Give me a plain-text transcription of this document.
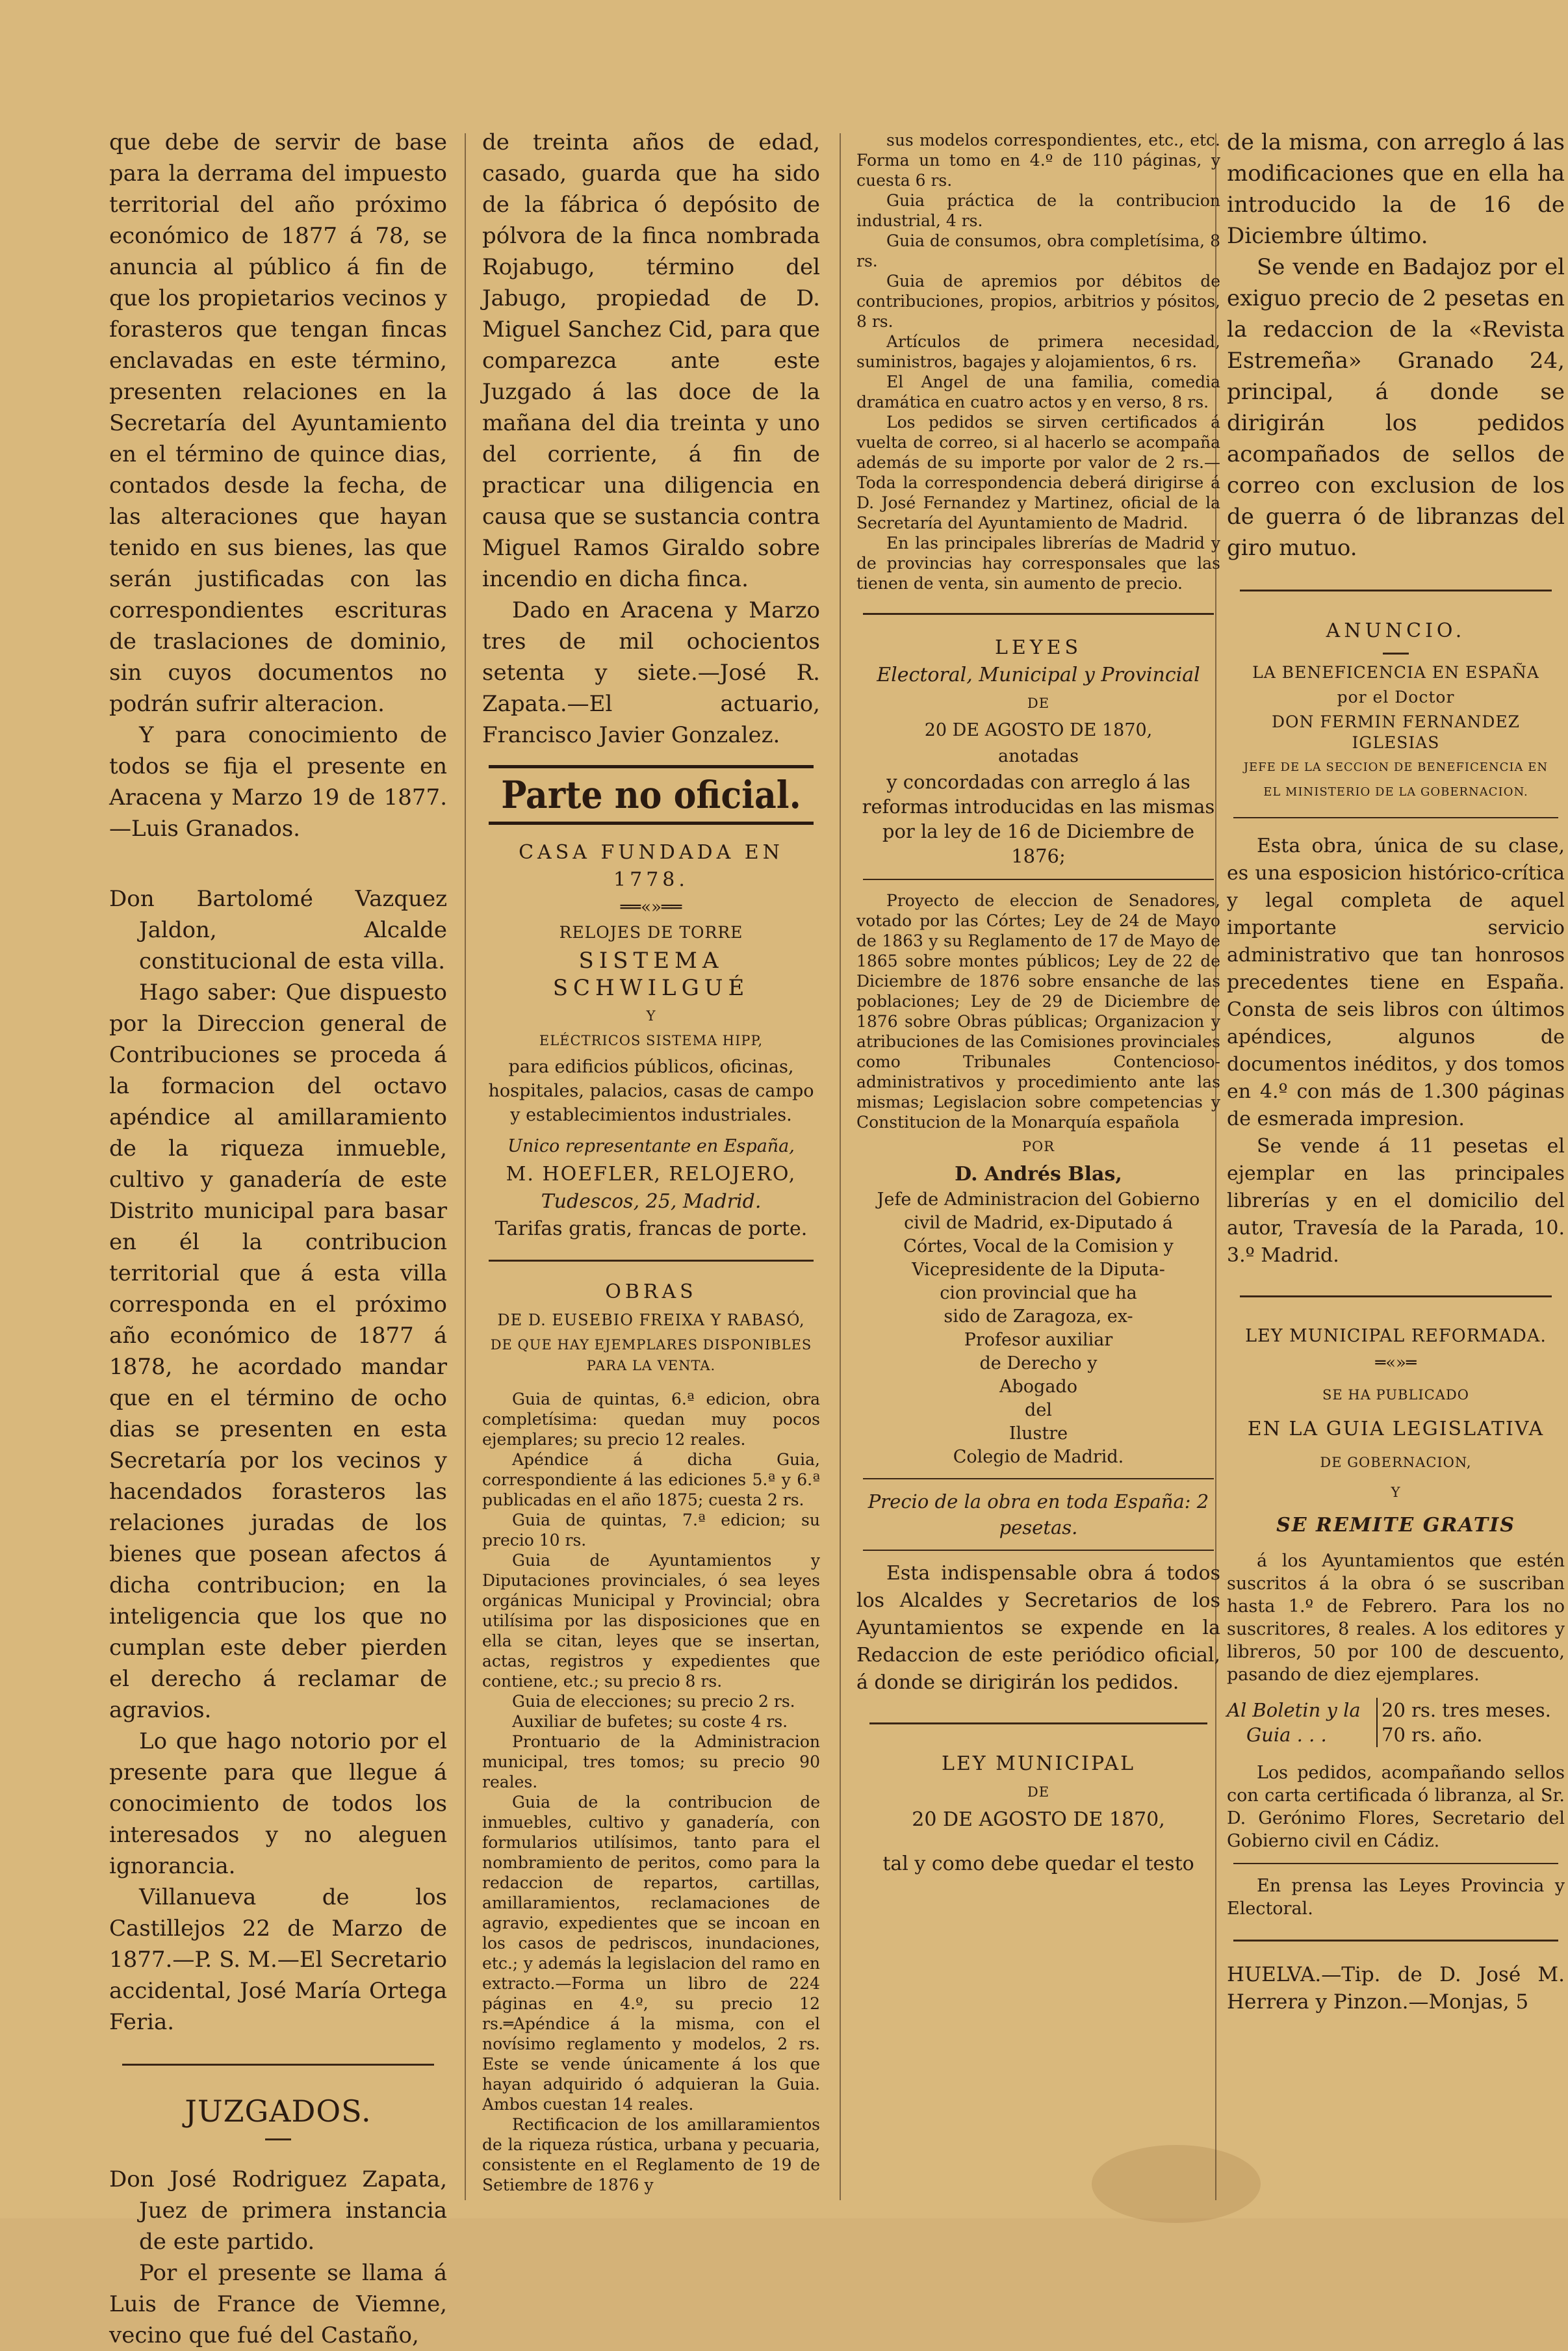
que debe de servir de base para la derrama del impuesto territorial del año próximo económico de 1877 á 78, se anuncia al público á fin de que los propietarios vecinos y forasteros que tengan fincas enclavadas en este término, presenten relaciones en la Secretaría del Ayuntamiento en el término de quince dias, contados desde la fecha, de las alteraciones que hayan tenido en sus bienes, las que serán justificadas con las correspondientes escrituras de traslaciones de dominio, sin cuyos documentos no podrán sufrir alteracion.

Y para conocimiento de todos se fija el presente en Aracena y Marzo 19 de 1877.—Luis Granados.

Don Bartolomé Vazquez Jaldon, Alcalde constitucional de esta villa.

Hago saber: Que dispuesto por la Direccion general de Contribuciones se proceda á la formacion del octavo apéndice al amillaramiento de la riqueza inmueble, cultivo y ganadería de este Distrito municipal para basar en él la contribucion territorial que á esta villa corresponda en el próximo año económico de 1877 á 1878, he acordado mandar que en el término de ocho dias se presenten en esta Secretaría por los vecinos y hacendados forasteros las relaciones juradas de los bienes que posean afectos á dicha contribucion; en la inteligencia que los que no cumplan este deber pierden el derecho á reclamar de agravios.

Lo que hago notorio por el presente para que llegue á conocimiento de todos los interesados y no aleguen ignorancia.

Villanueva de los Castillejos 22 de Marzo de 1877.—P. S. M.—El Secretario accidental, José María Ortega Feria.

JUZGADOS.

Don José Rodriguez Zapata, Juez de primera instancia de este partido.

Por el presente se llama á Luis de France de Viemne, vecino que fué del Castaño,

de treinta años de edad, casado, guarda que ha sido de la fábrica ó depósito de pólvora de la finca nombrada Rojabugo, término del Jabugo, propiedad de D. Miguel Sanchez Cid, para que comparezca ante este Juzgado á las doce de la mañana del dia treinta y uno del corriente, á fin de practicar una diligencia en causa que se sustancia contra Miguel Ramos Giraldo sobre incendio en dicha finca.

Dado en Aracena y Marzo tres de mil ochocientos setenta y siete.—José R. Zapata.—El actuario, Francisco Javier Gonzalez.

Parte no oficial.

CASA FUNDADA EN 1778.

══«»══

RELOJES DE TORRE

SISTEMA SCHWILGUÉ

Y

ELÉCTRICOS SISTEMA HIPP,

para edificios públicos, oficinas, hospitales, palacios, casas de campo y establecimientos industriales.

Unico representante en España,

M. HOEFLER, RELOJERO,

Tudescos, 25, Madrid.

Tarifas gratis, francas de porte.

OBRAS

DE D. EUSEBIO FREIXA Y RABASÓ,

DE QUE HAY EJEMPLARES DISPONIBLES PARA LA VENTA.

Guia de quintas, 6.ª edicion, obra completísima: quedan muy pocos ejemplares; su precio 12 reales.

Apéndice á dicha Guia, correspondiente á las ediciones 5.ª y 6.ª publicadas en el año 1875; cuesta 2 rs.

Guia de quintas, 7.ª edicion; su precio 10 rs.

Guia de Ayuntamientos y Diputaciones provinciales, ó sea leyes orgánicas Municipal y Provincial; obra utilísima por las disposiciones que en ella se citan, leyes que se insertan, actas, registros y expedientes que contiene, etc.; su precio 8 rs.

Guia de elecciones; su precio 2 rs.

Auxiliar de bufetes; su coste 4 rs.

Prontuario de la Administracion municipal, tres tomos; su precio 90 reales.

Guia de la contribucion de inmuebles, cultivo y ganadería, con formularios utilísimos, tanto para el nombramiento de peritos, como para la redaccion de repartos, cartillas, amillaramientos, reclamaciones de agravio, expedientes que se incoan en los casos de pedriscos, inundaciones, etc.; y además la legislacion del ramo en extracto.—Forma un libro de 224 páginas en 4.º, su precio 12 rs.═Apéndice á la misma, con el novísimo reglamento y modelos, 2 rs. Este se vende únicamente á los que hayan adquirido ó adquieran la Guia. Ambos cuestan 14 reales.

Rectificacion de los amillaramientos de la riqueza rústica, urbana y pecuaria, consistente en el Reglamento de 19 de Setiembre de 1876 y

sus modelos correspondientes, etc., etc. Forma un tomo en 4.º de 110 páginas, y cuesta 6 rs.

Guia práctica de la contribucion industrial, 4 rs.

Guia de consumos, obra completísima, 8 rs.

Guia de apremios por débitos de contribuciones, propios, arbitrios y pósitos, 8 rs.

Artículos de primera necesidad, suministros, bagajes y alojamientos, 6 rs.

El Angel de una familia, comedia dramática en cuatro actos y en verso, 8 rs.

Los pedidos se sirven certificados á vuelta de correo, si al hacerlo se acompaña además de su importe por valor de 2 rs.—Toda la correspondencia deberá dirigirse á D. José Fernandez y Martinez, oficial de la Secretaría del Ayuntamiento de Madrid.

En las principales librerías de Madrid y de provincias hay corresponsales que las tienen de venta, sin aumento de precio.

LEYES

Electoral, Municipal y Provincial

DE

20 DE AGOSTO DE 1870,

anotadas

y concordadas con arreglo á las reformas introducidas en las mismas por la ley de 16 de Diciembre de 1876;

Proyecto de eleccion de Senadores, votado por las Córtes; Ley de 24 de Mayo de 1863 y su Reglamento de 17 de Mayo de 1865 sobre montes públicos; Ley de 22 de Diciembre de 1876 sobre ensanche de las poblaciones; Ley de 29 de Diciembre de 1876 sobre Obras públicas; Organizacion y atribuciones de las Comisiones provinciales como Tribunales Contencioso-administrativos y procedimiento ante las mismas; Legislacion sobre competencias y Constitucion de la Monarquía española

POR

D. Andrés Blas,

Jefe de Administracion del Gobierno

civil de Madrid, ex-Diputado á

Córtes, Vocal de la Comision y

Vicepresidente de la Diputa-

cion provincial que ha

sido de Zaragoza, ex-

Profesor auxiliar

de Derecho y

Abogado

del

Ilustre

Colegio de Madrid.

Precio de la obra en toda España: 2 pesetas.

Esta indispensable obra á todos los Alcaldes y Secretarios de los Ayuntamientos se expende en la Redaccion de este periódico oficial, á donde se dirigirán los pedidos.

LEY MUNICIPAL

DE

20 DE AGOSTO DE 1870,

tal y como debe quedar el testo

de la misma, con arreglo á las modificaciones que en ella ha introducido la de 16 de Diciembre último.

Se vende en Badajoz por el exiguo precio de 2 pesetas en la redaccion de la «Revista Estremeña» Granado 24, principal, á donde se dirigirán los pedidos acompañados de sellos de correo con exclusion de los de guerra ó de libranzas del giro mutuo.

ANUNCIO.

LA BENEFICENCIA EN ESPAÑA

por el Doctor

DON FERMIN FERNANDEZ IGLESIAS

JEFE DE LA SECCION DE BENEFICENCIA EN

EL MINISTERIO DE LA GOBERNACION.

Esta obra, única de su clase, es una esposicion histórico-crítica y legal completa de aquel importante servicio administrativo que tan honrosos precedentes tiene en España. Consta de seis libros con últimos apéndices, algunos de documentos inéditos, y dos tomos en 4.º con más de 1.300 páginas de esmerada impresion.

Se vende á 11 pesetas el ejemplar en las principales librerías y en el domicilio del autor, Travesía de la Parada, 10. 3.º Madrid.

LEY MUNICIPAL REFORMADA.

═«»═

SE HA PUBLICADO

EN LA GUIA LEGISLATIVA

DE GOBERNACION,

Y

SE REMITE GRATIS

á los Ayuntamientos que estén suscritos á la obra ó se suscriban hasta 1.º de Febrero. Para los no suscritores, 8 reales. A los editores y libreros, 50 por 100 de descuento, pasando de diez ejemplares.

Al Boletin y la
Guia . . .
20 rs. tres meses.
70 rs. año.

Los pedidos, acompañando sellos con carta certificada ó libranza, al Sr. D. Gerónimo Flores, Secretario del Gobierno civil en Cádiz.

En prensa las Leyes Provincia y Electoral.

HUELVA.—Tip. de D. José M. Herrera y Pinzon.—Monjas, 5
